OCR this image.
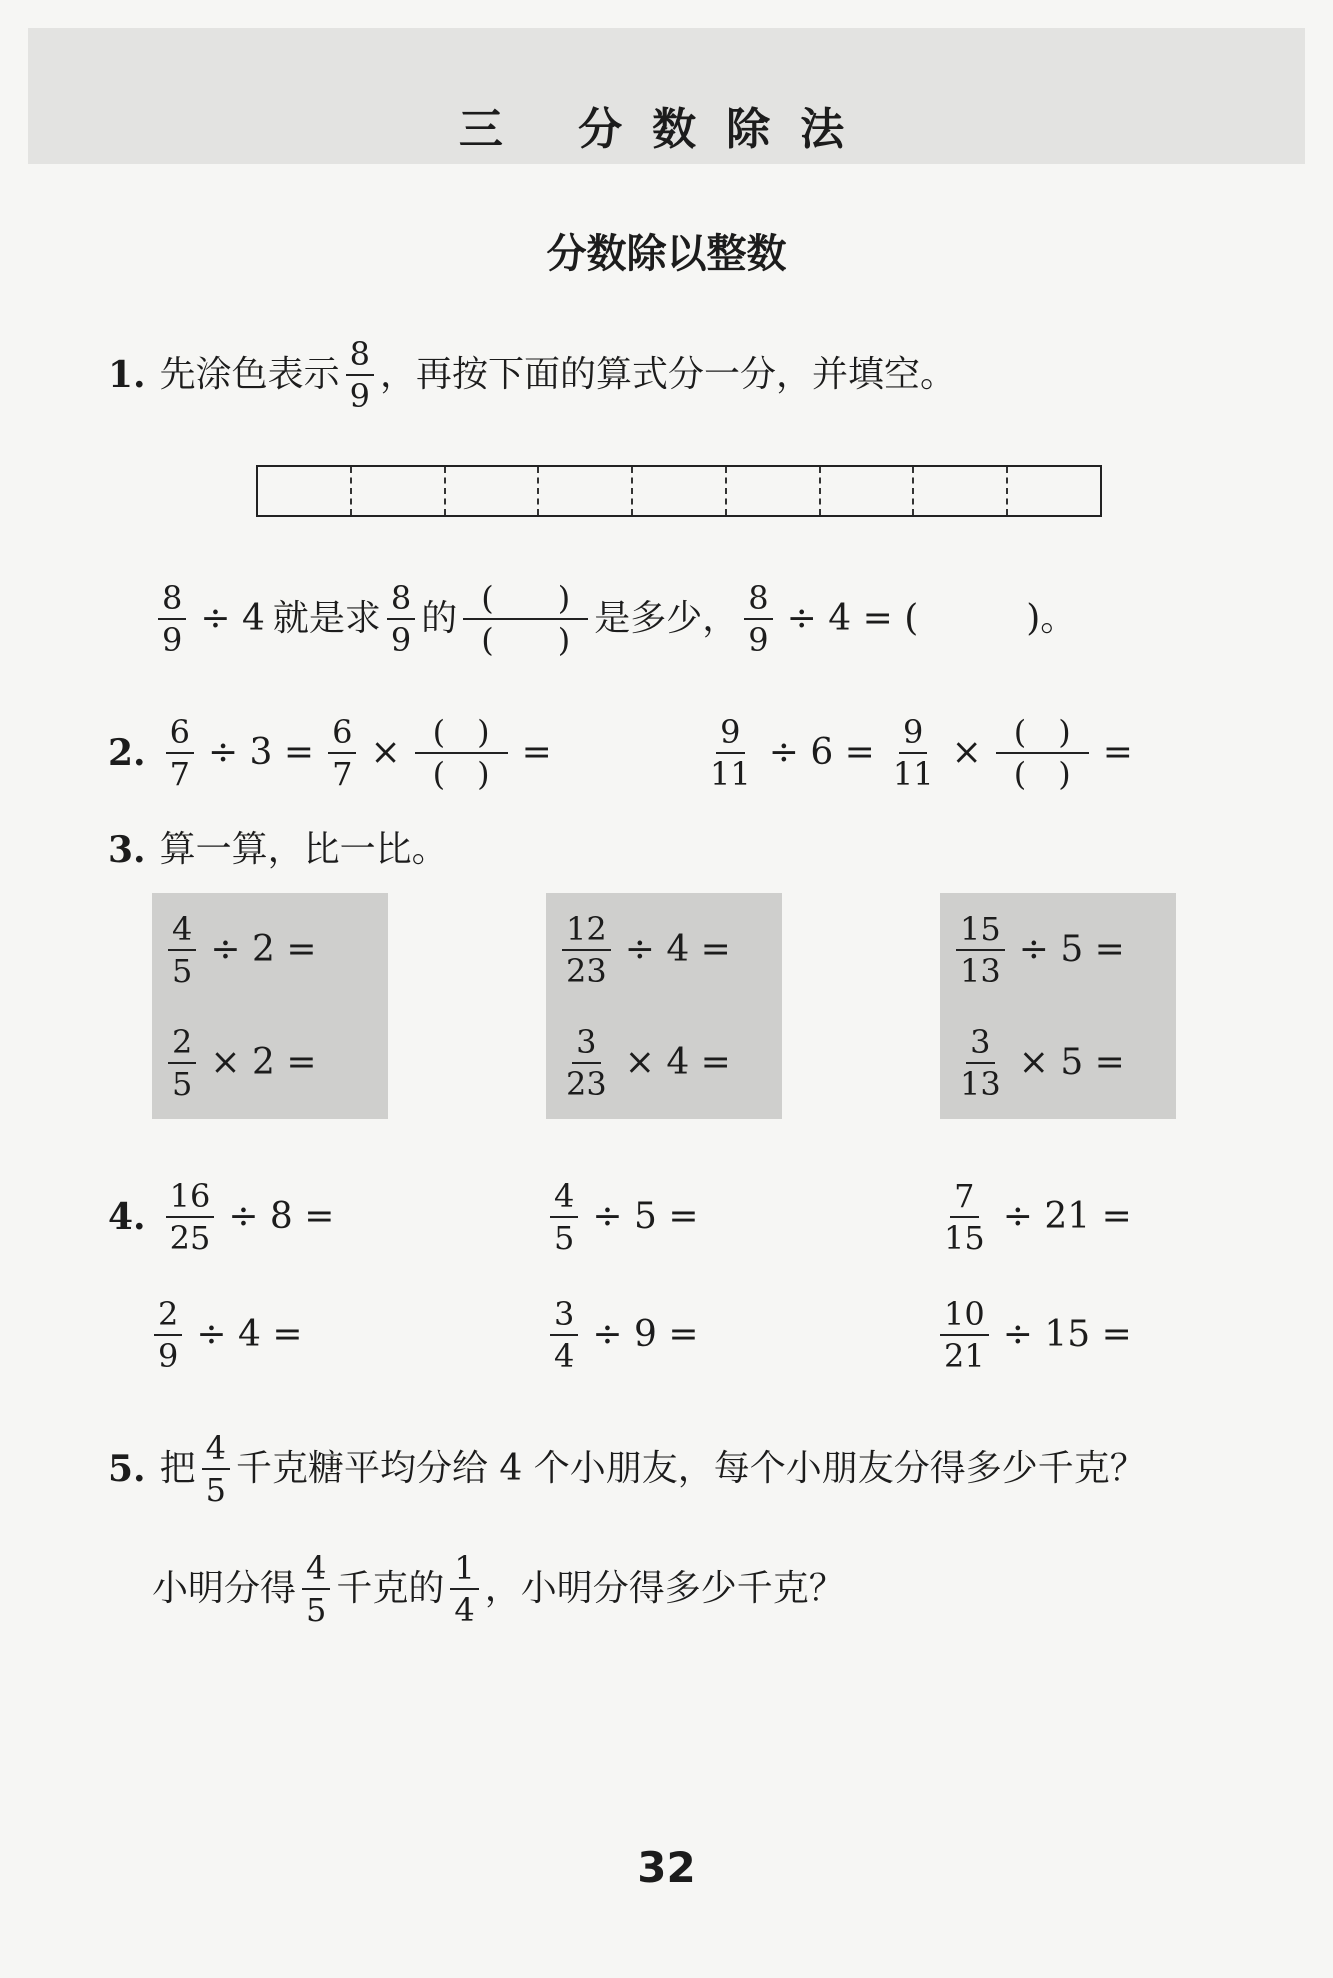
三 分数除法
分数除以整数
1. 先涂色表示 $\frac{8}{9}$ ，再按下面的算式分一分，并填空。
$\frac{8}{9} \div 4$ 就是求 $\frac{8}{9}$ 的 $\frac{( )}{( )}$ 是多少， $\frac{8}{9} \div 4$ = (　　　)。
2. $\frac{6}{7} \div 3 = \frac{6}{7} \times \frac{( )}{( )}$ =	$\frac{9}{11} \div 6 = \frac{9}{11} \times \frac{( )}{( )}$ =
3. 算一算，比一比。
$\frac{4}{5} \div 2$ =
$\frac{2}{5} \times 2$ =
$\frac{12}{23} \div 4$ =
$\frac{3}{23} \times 4$ =
$\frac{15}{13} \div 5$ =
$\frac{3}{13} \times 5$ =
4. $\frac{16}{25} \div 8$ =	$\frac{4}{5} \div 5$ =	$\frac{7}{15} \div 21$ =
$\frac{2}{9} \div 4$ =	$\frac{3}{4} \div 9$ =	$\frac{10}{21} \div 15$ =
5. 把 $\frac{4}{5}$ 千克糖平均分给 4 个小朋友，每个小朋友分得多少千克？
小明分得 $\frac{4}{5}$ 千克的 $\frac{1}{4}$ ，小明分得多少千克？
32
